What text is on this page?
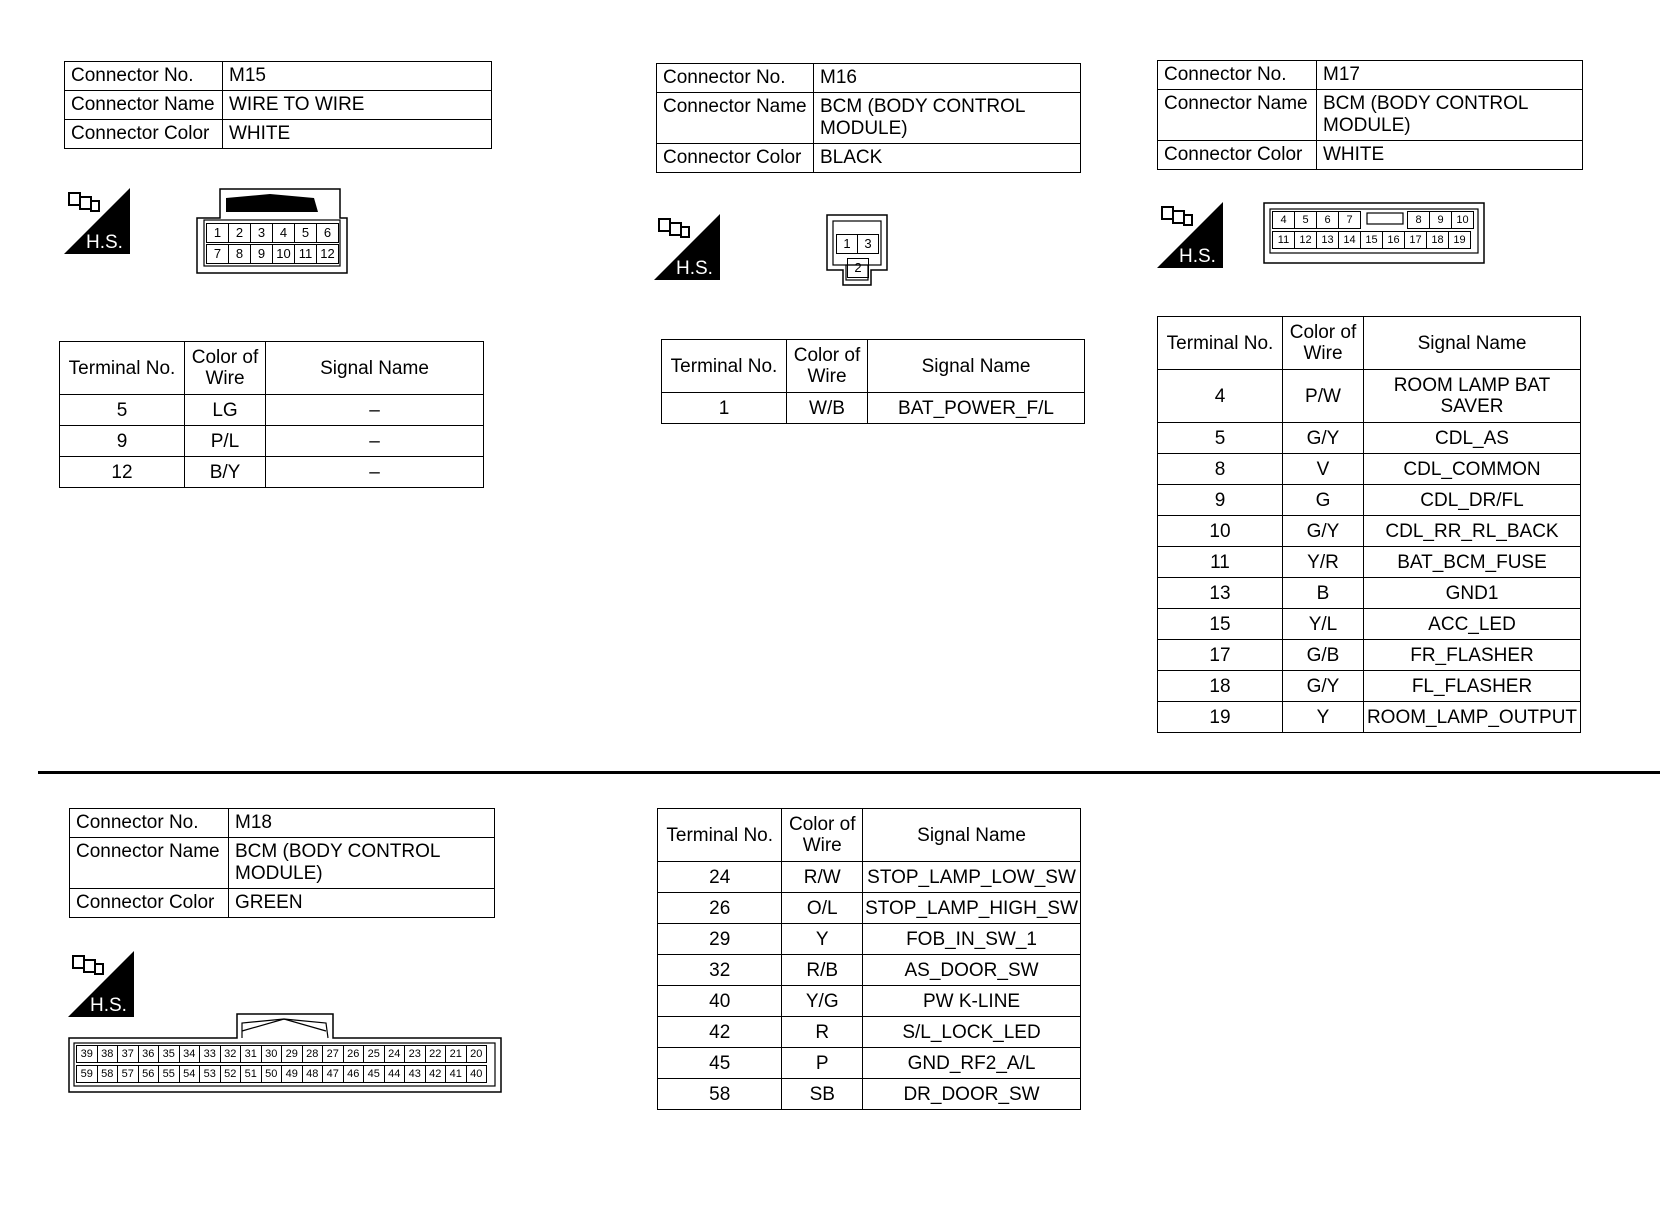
Connector No.	M15
Connector Name	WIRE TO WIRE
Connector Color	WHITE
H.S.	1	2	3	4	5	6
7	8	9 10 11 12
Terminal No.	Color of Wire	Signal Name
5	LG	–
9	P/L	–
12	B/Y	–
Connector No.	M16
Connector Name	BCM (BODY CONTROL MODULE)
Connector Color	BLACK
H.S.
1	3
2
Terminal No.	Color of Wire	Signal Name
1	W/B	BAT_POWER_F/L
Connector No.	M17
Connector Name	BCM (BODY CONTROL MODULE)
Connector Color	WHITE
H.S.
4	5	6	7	8	9	10
11 12 13 14 15 16 17 18 19
Terminal No.	Color of Wire	Signal Name
4	P/W	ROOM LAMP BAT SAVER
5	G/Y	CDL_AS
8	V	CDL_COMMON
9	G	CDL_DR/FL
10	G/Y	CDL_RR_RL_BACK
11	Y/R	BAT_BCM_FUSE
13	B	GND1
15	Y/L	ACC_LED
17	G/B	FR_FLASHER
18	G/Y	FL_FLASHER
19	Y	ROOM_LAMP_OUTPUT
Connector No.	M18
Connector Name	BCM (BODY CONTROL MODULE)
Connector Color	GREEN
H.S.
39 38 37 36 35 34 33 32 31 30 29 28 27 26 25 24 23 22 21 20
59 58 57 56 55 54 53 52 51 50 49 48 47 46 45 44 43 42 41 40
Terminal No.	Color of Wire	Signal Name
24	R/W	STOP_LAMP_LOW_SW
26	O/L	STOP_LAMP_HIGH_SW
29	Y	FOB_IN_SW_1
32	R/B	AS_DOOR_SW
40	Y/G	PW K-LINE
42	R	S/L_LOCK_LED
45	P	GND_RF2_A/L
58	SB	DR_DOOR_SW
